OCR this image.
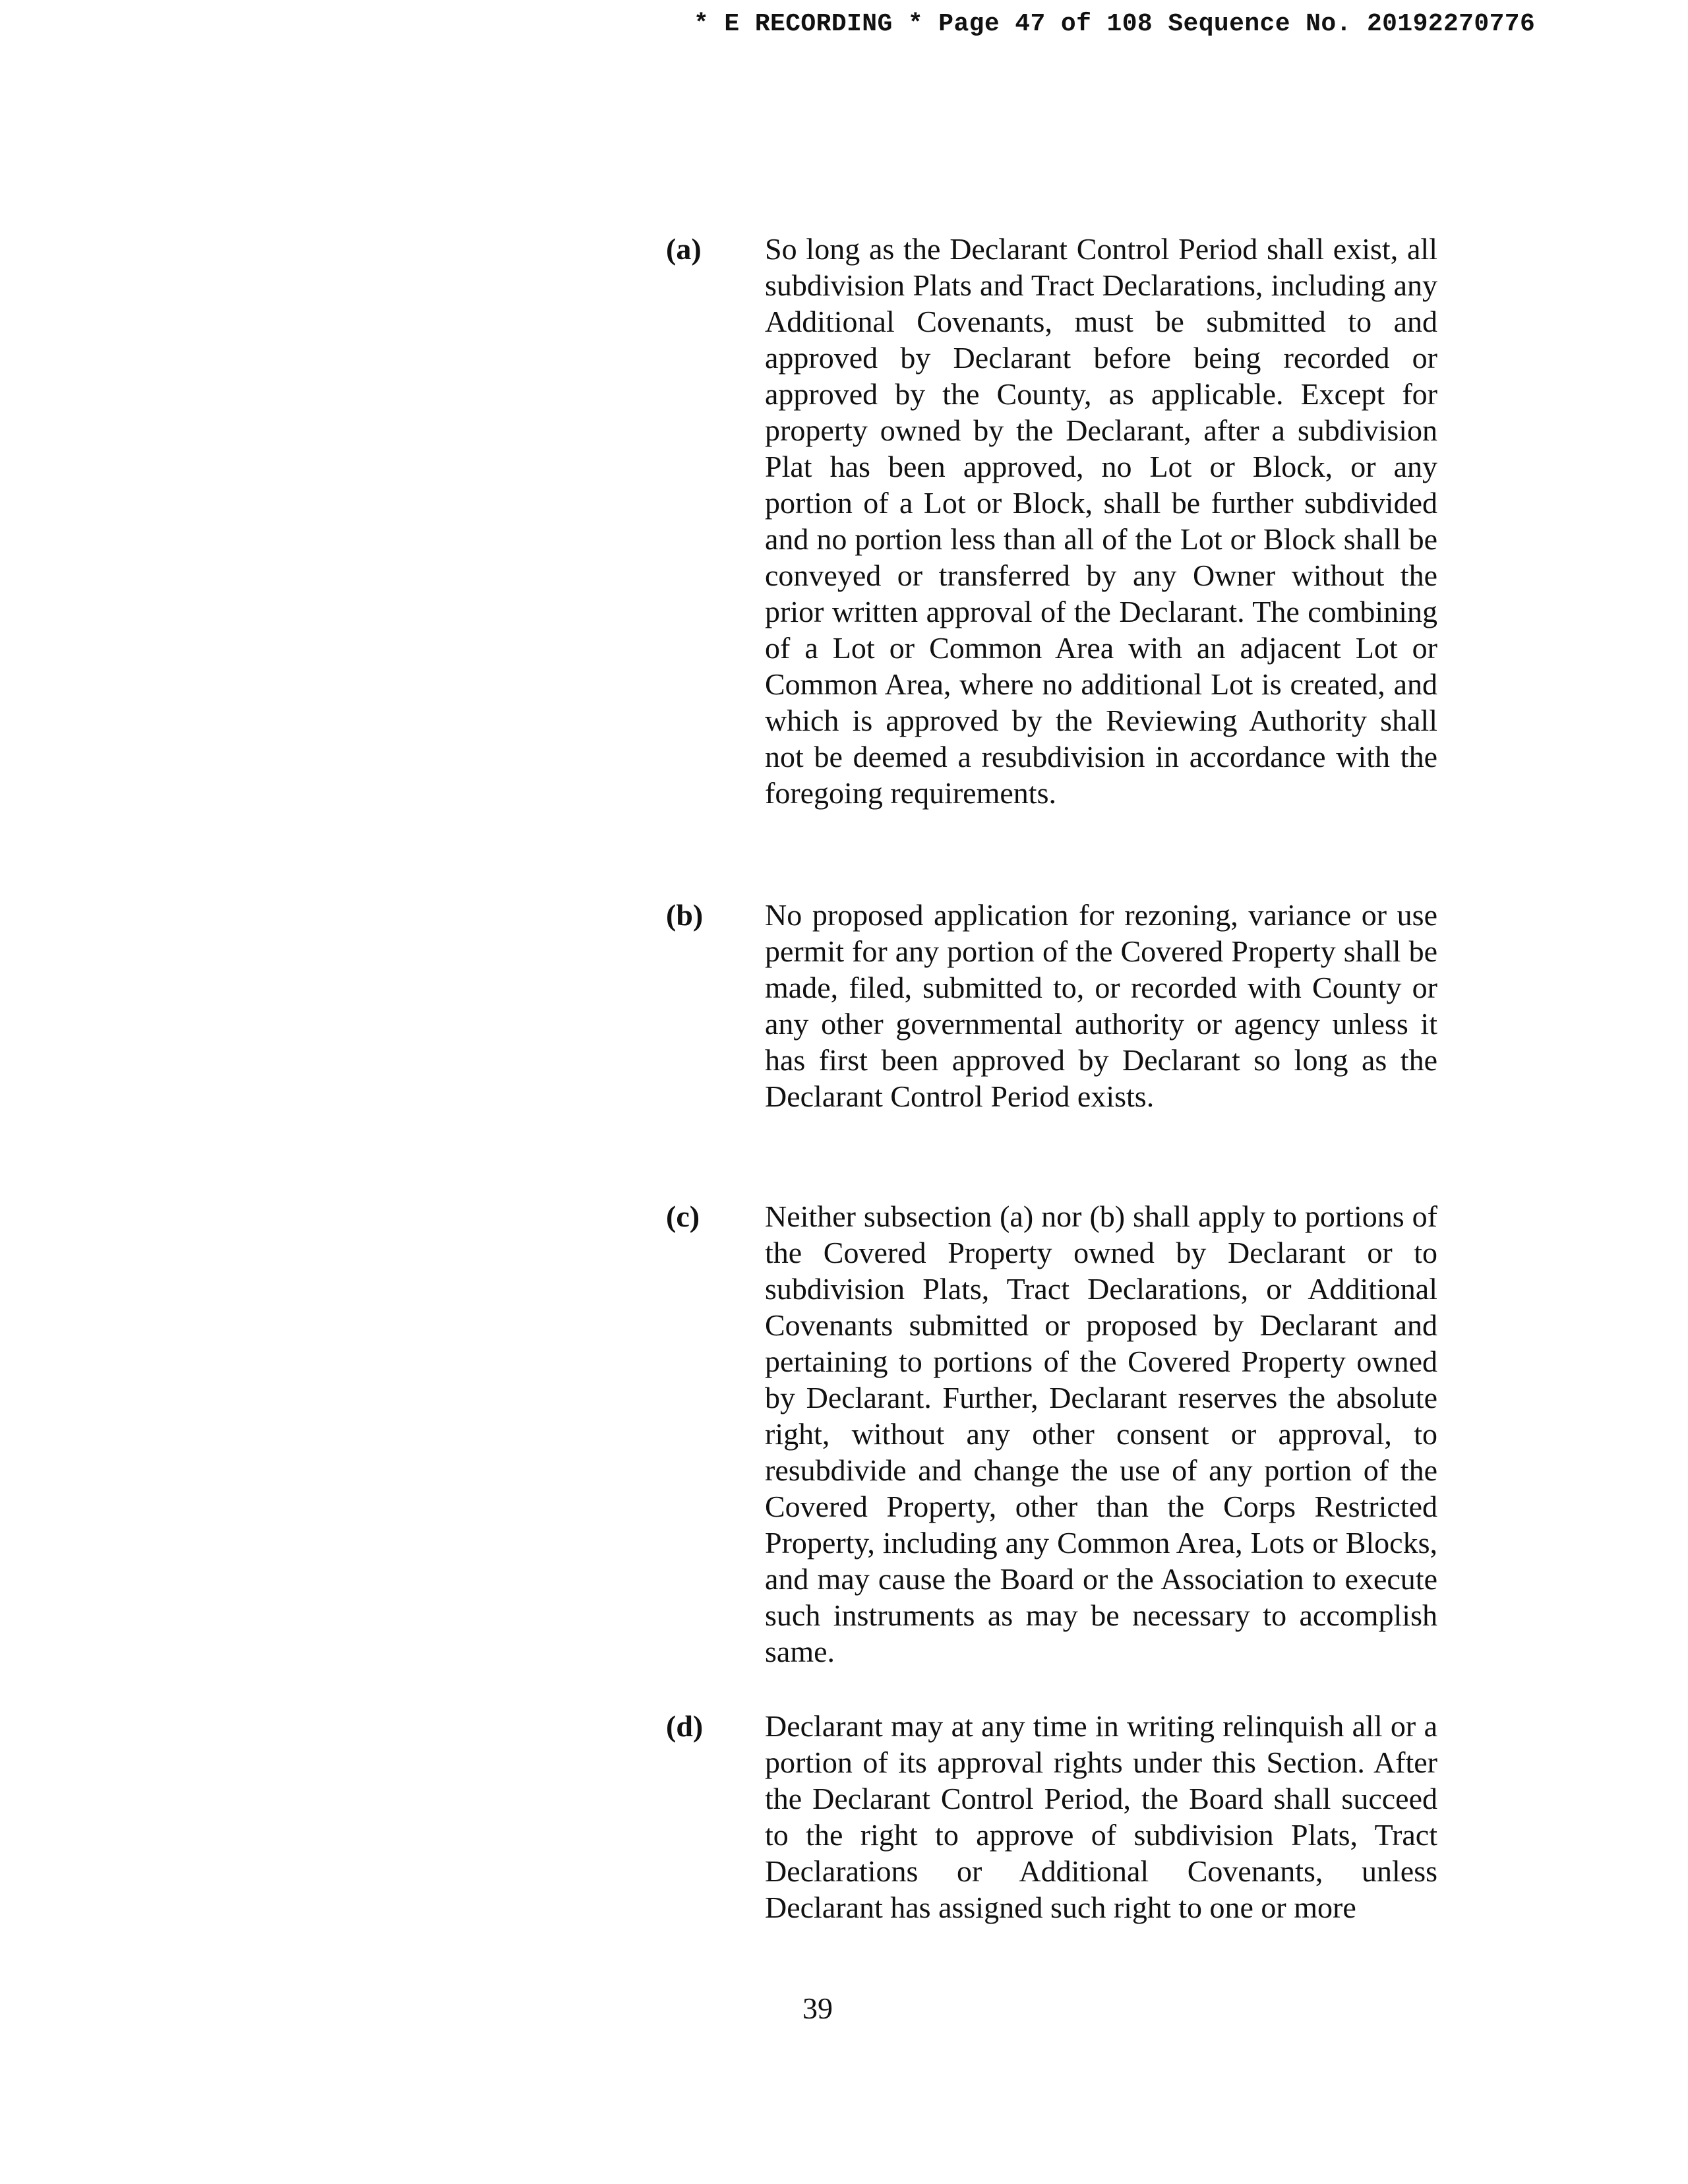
* E RECORDING * Page 47 of 108 Sequence No. 20192270776
(a) So long as the Declarant Control Period shall exist, all subdivision Plats and Tract Declarations, including any Additional Covenants, must be submitted to and approved by Declarant before being recorded or approved by the County, as applicable. Except for property owned by the Declarant, after a subdivision Plat has been approved, no Lot or Block, or any portion of a Lot or Block, shall be further subdivided and no portion less than all of the Lot or Block shall be conveyed or transferred by any Owner without the prior written approval of the Declarant. The combining of a Lot or Common Area with an adjacent Lot or Common Area, where no additional Lot is created, and which is approved by the Reviewing Authority shall not be deemed a resubdivision in accordance with the foregoing requirements.
(b) No proposed application for rezoning, variance or use permit for any portion of the Covered Property shall be made, filed, submitted to, or recorded with County or any other governmental authority or agency unless it has first been approved by Declarant so long as the Declarant Control Period exists.
(c) Neither subsection (a) nor (b) shall apply to portions of the Covered Property owned by Declarant or to subdivision Plats, Tract Declarations, or Additional Covenants submitted or proposed by Declarant and pertaining to portions of the Covered Property owned by Declarant. Further, Declarant reserves the absolute right, without any other consent or approval, to resubdivide and change the use of any portion of the Covered Property, other than the Corps Restricted Property, including any Common Area, Lots or Blocks, and may cause the Board or the Association to execute such instruments as may be necessary to accomplish same.
(d) Declarant may at any time in writing relinquish all or a portion of its approval rights under this Section. After the Declarant Control Period, the Board shall succeed to the right to approve of subdivision Plats, Tract Declarations or Additional Covenants, unless Declarant has assigned such right to one or more
39
